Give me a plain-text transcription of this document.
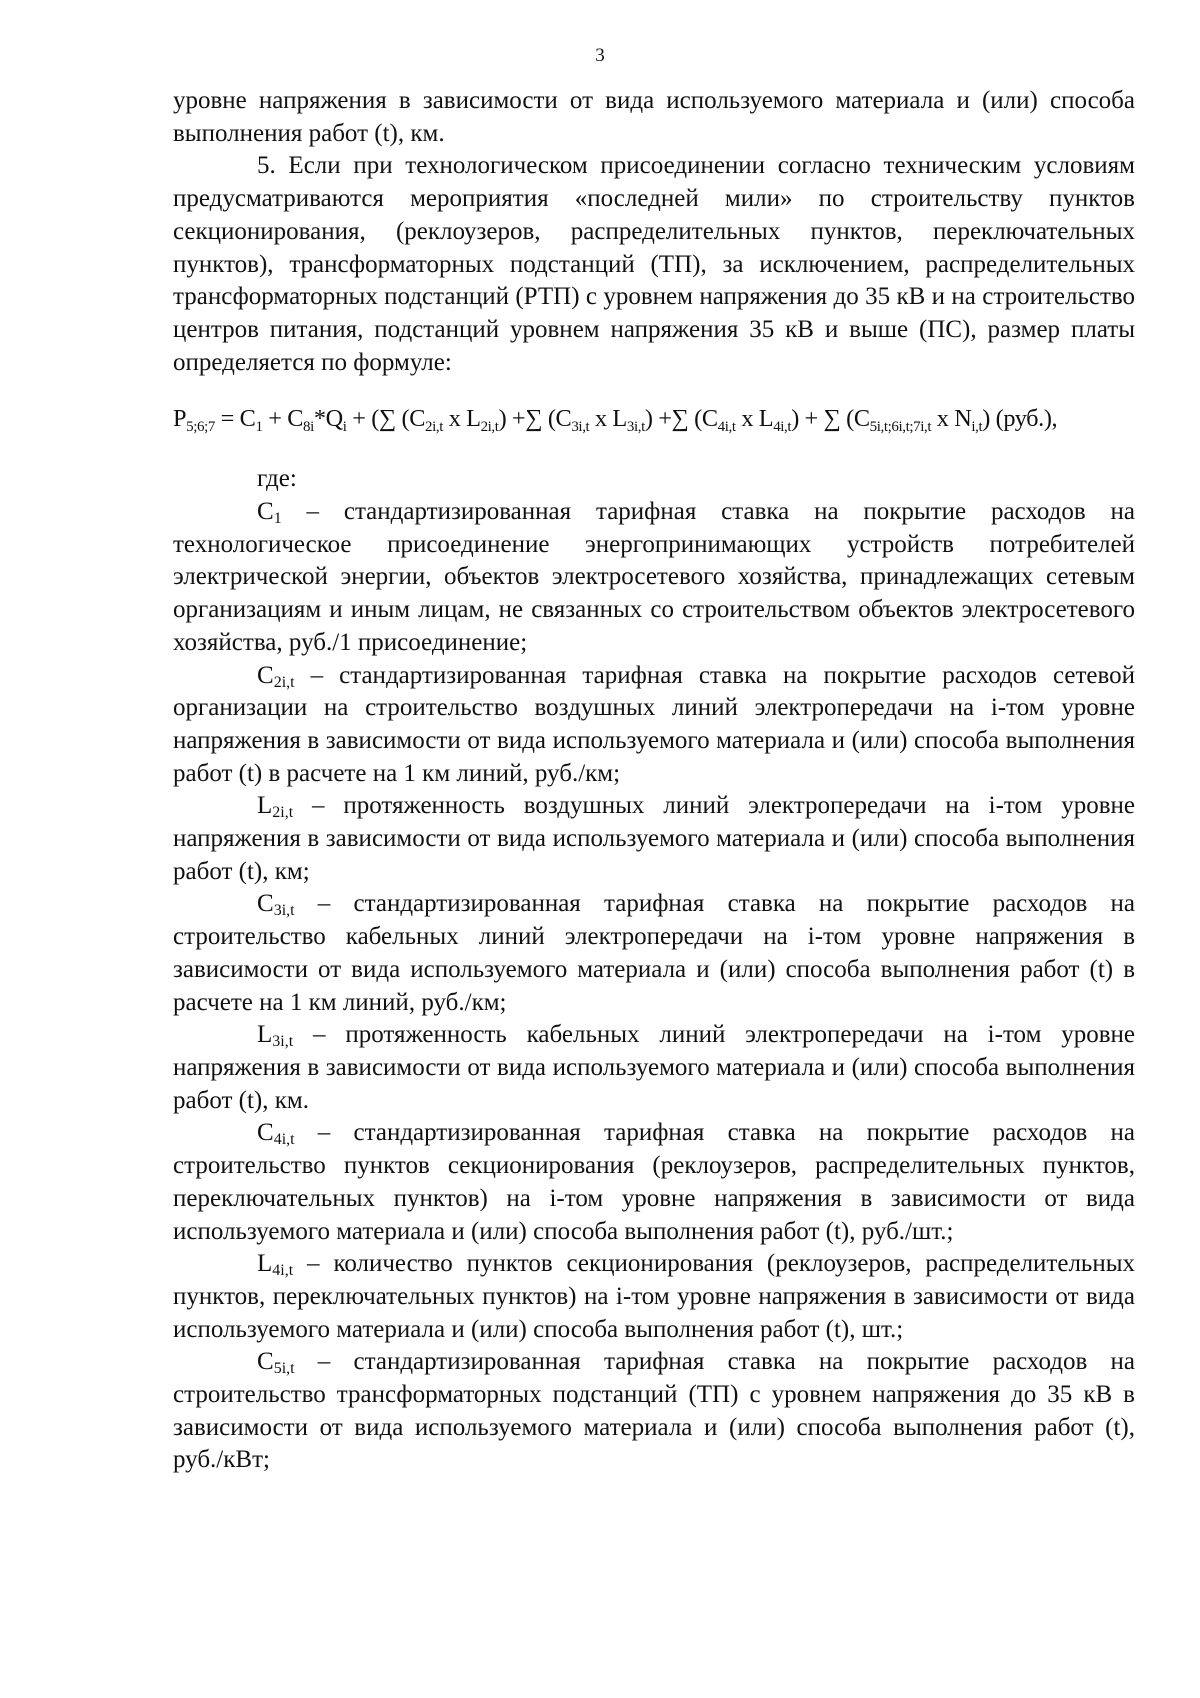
3

уровне напряжения в зависимости от вида используемого материала и (или) способа выполнения работ (t), км.

5. Если при технологическом присоединении согласно техническим условиям предусматриваются мероприятия «последней мили» по строительству пунктов секционирования, (реклоузеров, распределительных пунктов, переключательных пунктов), трансформаторных подстанций (ТП), за исключением, распределительных трансформаторных подстанций (РТП) с уровнем напряжения до 35 кВ и на строительство центров питания, подстанций уровнем напряжения 35 кВ и выше (ПС), размер платы определяется по формуле:

$P_{5;6;7} = C_1 + C_{8i}*Q_i$ + (∑ ($C_{2i,t}$ x $L_{2i,t}$) +∑ ($C_{3i,t}$ x $L_{3i,t}$) +∑ ($C_{4i,t}$ x $L_{4i,t}$) + ∑ ($C_{5i,t;6i,t;7i,t}$ x $N_{i,t}$) (руб.),

где:

$C_1$ – стандартизированная тарифная ставка на покрытие расходов на технологическое присоединение энергопринимающих устройств потребителей электрической энергии, объектов электросетевого хозяйства, принадлежащих сетевым организациям и иным лицам, не связанных со строительством объектов электросетевого хозяйства, руб./1 присоединение;

$C_{2i,t}$ – стандартизированная тарифная ставка на покрытие расходов сетевой организации на строительство воздушных линий электропередачи на i-том уровне напряжения в зависимости от вида используемого материала и (или) способа выполнения работ (t) в расчете на 1 км линий, руб./км;

$L_{2i,t}$ – протяженность воздушных линий электропередачи на i-том уровне напряжения в зависимости от вида используемого материала и (или) способа выполнения работ (t), км;

$C_{3i,t}$ – стандартизированная тарифная ставка на покрытие расходов на строительство кабельных линий электропередачи на i-том уровне напряжения в зависимости от вида используемого материала и (или) способа выполнения работ (t) в расчете на 1 км линий, руб./км;

$L_{3i,t}$ – протяженность кабельных линий электропередачи на i-том уровне напряжения в зависимости от вида используемого материала и (или) способа выполнения работ (t), км.

$C_{4i,t}$ – стандартизированная тарифная ставка на покрытие расходов на строительство пунктов секционирования (реклоузеров, распределительных пунктов, переключательных пунктов) на i-том уровне напряжения в зависимости от вида используемого материала и (или) способа выполнения работ (t), руб./шт.;

$L_{4i,t}$ – количество пунктов секционирования (реклоузеров, распределительных пунктов, переключательных пунктов) на i-том уровне напряжения в зависимости от вида используемого материала и (или) способа выполнения работ (t), шт.;

$C_{5i,t}$ – стандартизированная тарифная ставка на покрытие расходов на строительство трансформаторных подстанций (ТП) с уровнем напряжения до 35 кВ в зависимости от вида используемого материала и (или) способа выполнения работ (t), руб./кВт;
